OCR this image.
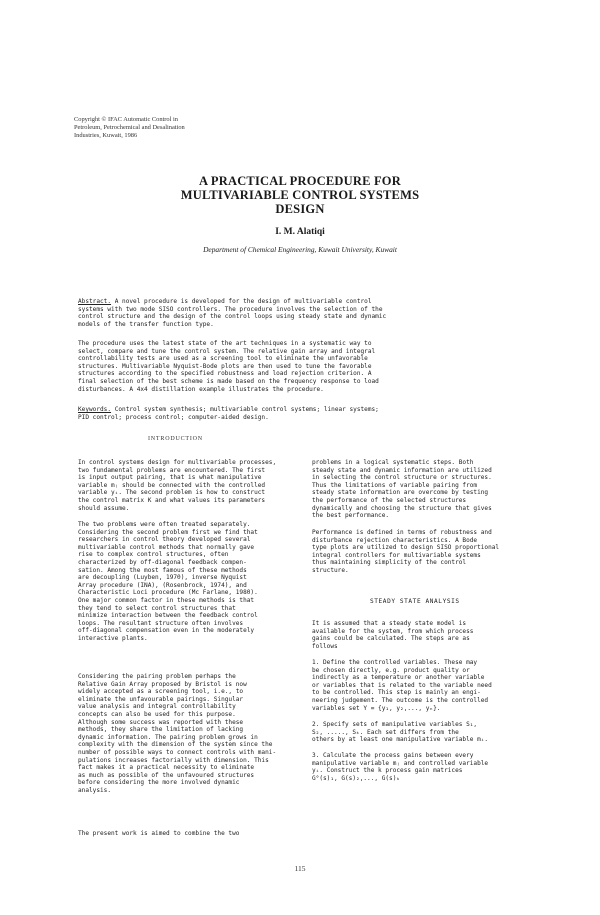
Copyright © IFAC Automatic Control in
Petroleum, Petrochemical and Desalination
Industries, Kuwait, 1986
A PRACTICAL PROCEDURE FOR
MULTIVARIABLE CONTROL SYSTEMS
DESIGN
I. M. Alatiqi
Department of Chemical Engineering, Kuwait University, Kuwait
Abstract. A novel procedure is developed for the design of multivariable control
systems with two mode SISO controllers. The procedure involves the selection of the
control structure and the design of the control loops using steady state and dynamic
models of the transfer function type.
The procedure uses the latest state of the art techniques in a systematic way to
select, compare and tune the control system. The relative gain array and integral
controllability tests are used as a screening tool to eliminate the unfavorable
structures. Multivariable Nyquist-Bode plots are then used to tune the favorable
structures according to the specified robustness and load rejection criterion. A
final selection of the best scheme is made based on the frequency response to load
disturbances. A 4x4 distillation example illustrates the procedure.
Keywords. Control system synthesis; multivariable control systems; linear systems;
PID control; process control; computer-aided design.
INTRODUCTION
In control systems design for multivariable processes,
two fundamental problems are encountered. The first
is input output pairing, that is what manipulative
variable mⱼ should be connected with the controlled
variable yᵢ. The second problem is how to construct
the control matrix K and what values its parameters
should assume.
The two problems were often treated separately.
Considering the second problem first we find that
researchers in control theory developed several
multivariable control methods that normally gave
rise to complex control structures, often
characterized by off-diagonal feedback compen-
sation. Among the most famous of these methods
are decoupling (Luyben, 1970), inverse Nyquist
Array procedure (INA), (Rosenbrock, 1974), and
Characteristic Loci procedure (Mc Farlane, 1980).
One major common factor in these methods is that
they tend to select control structures that
minimize interaction between the feedback control
loops. The resultant structure often involves
off-diagonal compensation even in the moderately
interactive plants.
Considering the pairing problem perhaps the
Relative Gain Array proposed by Bristol is now
widely accepted as a screening tool, i.e., to
eliminate the unfavourable pairings. Singular
value analysis and integral controllability
concepts can also be used for this purpose.
Although some success was reported with these
methods, they share the limitation of lacking
dynamic information. The pairing problem grows in
complexity with the dimension of the system since the
number of possible ways to connect controls with mani-
pulations increases factorially with dimension. This
fact makes it a practical necessity to eliminate
as much as possible of the unfavoured structures
before considering the more involved dynamic
analysis.
The present work is aimed to combine the two
problems in a logical systematic steps. Both
steady state and dynamic information are utilized
in selecting the control structure or structures.
Thus the limitations of variable pairing from
steady state information are overcome by testing
the performance of the selected structures
dynamically and choosing the structure that gives
the best performance.
Performance is defined in terms of robustness and
disturbance rejection characteristics. A Bode
type plots are utilized to design SISO proportional
integral controllers for multivariable systems
thus maintaining simplicity of the control
structure.
STEADY STATE ANALYSIS
It is assumed that a steady state model is
available for the system, from which process
gains could be calculated. The steps are as
follows
1. Define the controlled variables. These may
be chosen directly, e.g. product quality or
indirectly as a temperature or another variable
or variables that is related to the variable need
to be controlled. This step is mainly an engi-
neering judgement. The outcome is the controlled
variables set Y = {y₁, y₂,..., yₙ}.
2. Specify sets of manipulative variables S₁,
S₂, ....., Sₖ. Each set differs from the
others by at least one manipulative variable mᵢ.
3. Calculate the process gains between every
manipulative variable mⱼ and controlled variable
yᵢ. Construct the k process gain matrices
G°(s)₁, G(s)₂,..., G(s)ₖ
115
